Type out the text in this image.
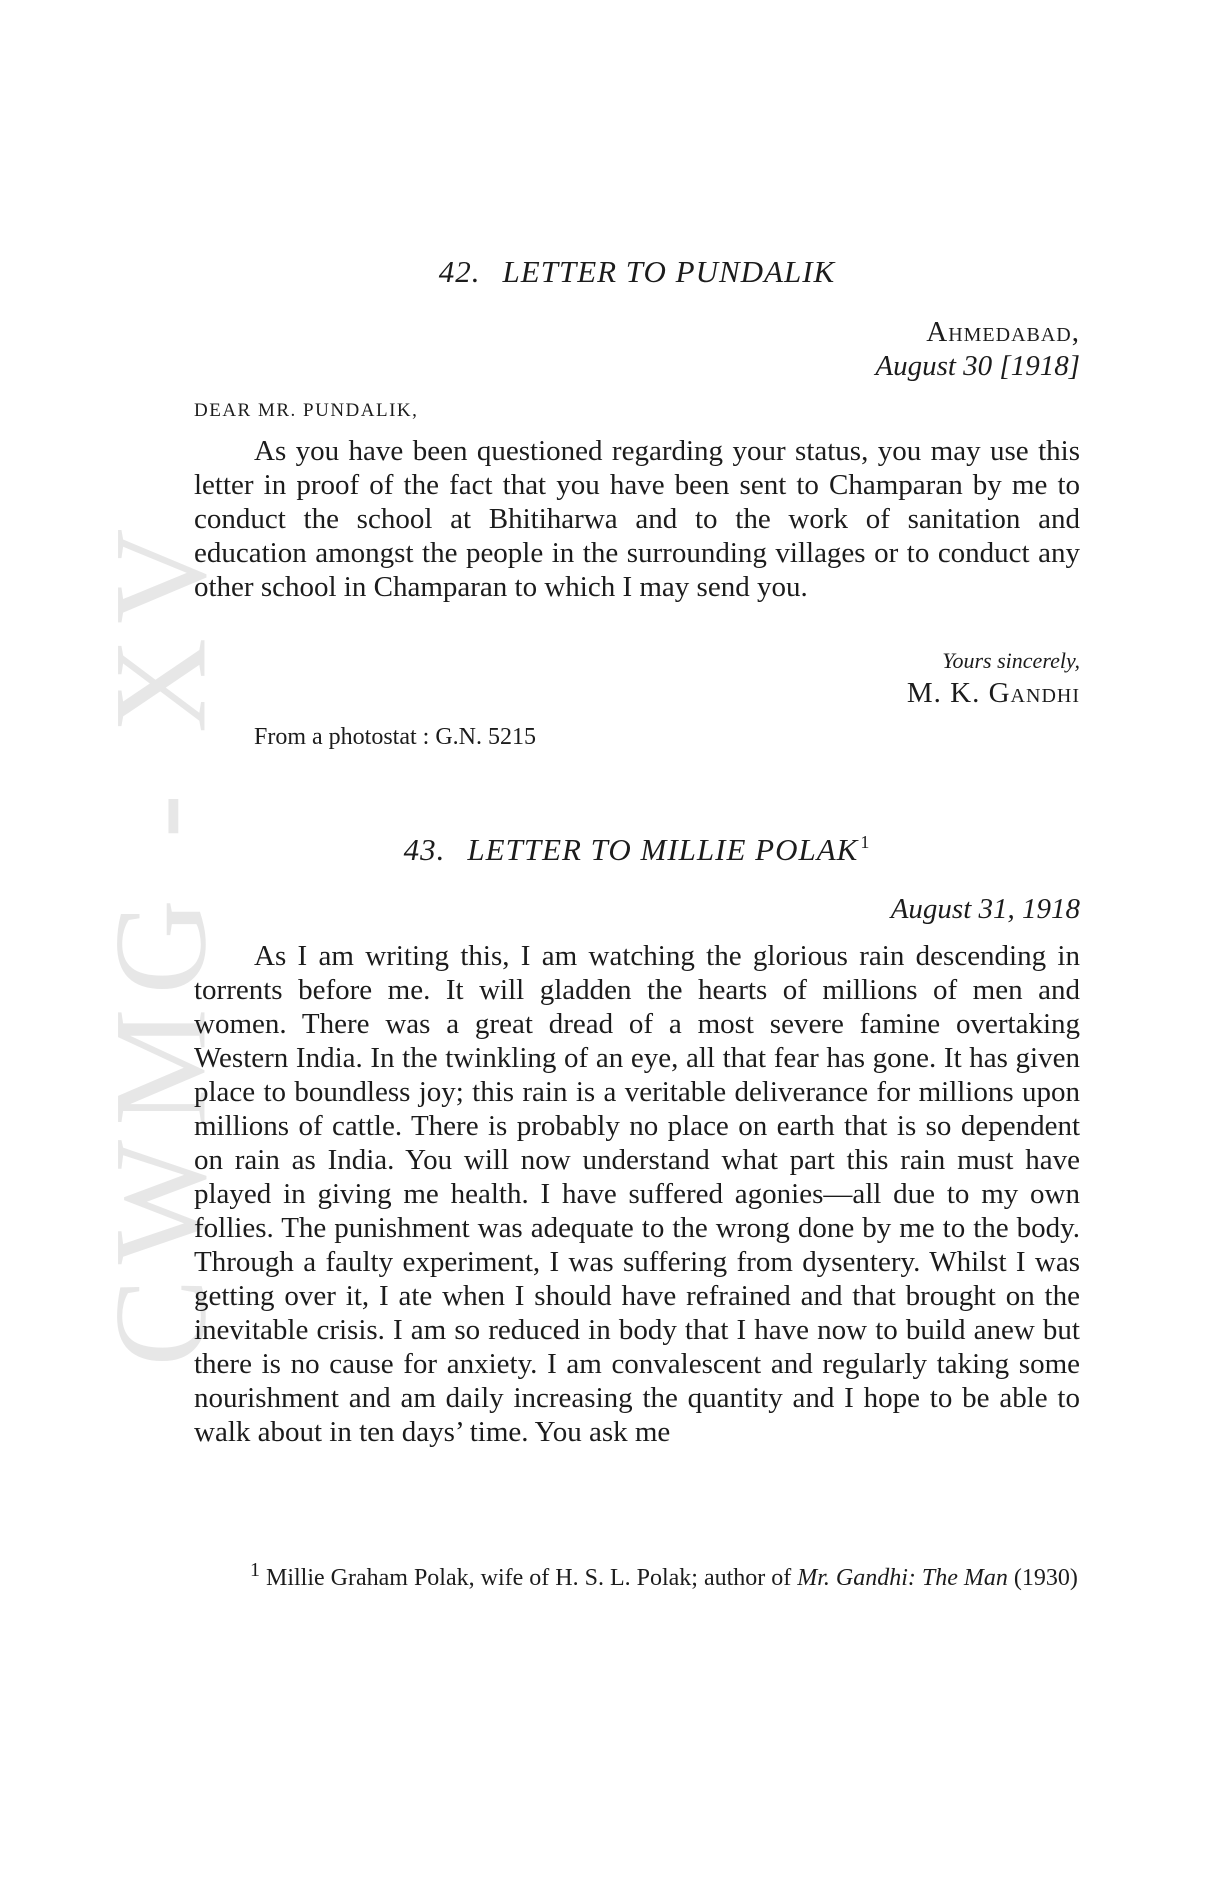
CWMG - XV
42. LETTER TO PUNDALIK
Ahmedabad,
August 30 [1918]
DEAR MR. PUNDALIK,

As you have been questioned regarding your status, you may use this letter in proof of the fact that you have been sent to Champaran by me to conduct the school at Bhitiharwa and to the work of sanitation and education amongst the people in the surrounding villages or to conduct any other school in Champaran to which I may send you.

Yours sincerely,
M. K. Gandhi
From a photostat : G.N. 5215
43. LETTER TO MILLIE POLAK $^1$
August 31, 1918

As I am writing this, I am watching the glorious rain descending in torrents before me. It will gladden the hearts of millions of men and women. There was a great dread of a most severe famine overtaking Western India. In the twinkling of an eye, all that fear has gone. It has given place to boundless joy; this rain is a veritable deliverance for millions upon millions of cattle. There is probably no place on earth that is so dependent on rain as India. You will now understand what part this rain must have played in giving me health. I have suffered agonies—all due to my own follies. The punishment was adequate to the wrong done by me to the body. Through a faulty experiment, I was suffering from dysentery. Whilst I was getting over it, I ate when I should have refrained and that brought on the inevitable crisis. I am so reduced in body that I have now to build anew but there is no cause for anxiety. I am convalescent and regularly taking some nourishment and am daily increasing the quantity and I hope to be able to walk about in ten days’ time. You ask me

$^1$ Millie Graham Polak, wife of H. S. L. Polak; author of Mr. Gandhi: The Man (1930)
